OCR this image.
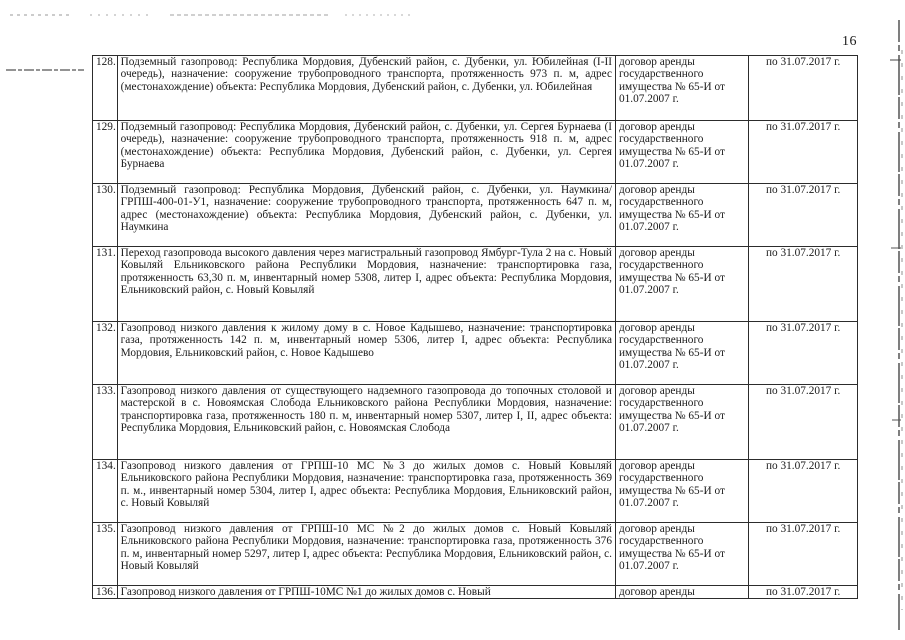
16
128.	Подземный газопровод: Республика Мордовия, Дубенский район, с. Дубенки, ул. Юбилейная (I-II очередь), назначение: сооружение трубопроводного транспорта, протяженность 973 п. м, адрес (местонахождение) объекта: Республика Мордовия, Дубенский район, с. Дубенки, ул. Юбилейная	договор аренды государственного имущества № 65-И от 01.07.2007 г.	по 31.07.2017 г.
129.	Подземный газопровод: Республика Мордовия, Дубенский район, с. Дубенки, ул. Сергея Бурнаева (I очередь), назначение: сооружение трубопроводного транспорта, протяженность 918 п. м, адрес (местонахождение) объекта: Республика Мордовия, Дубенский район, с. Дубенки, ул. Сергея Бурнаева	договор аренды государственного имущества № 65-И от 01.07.2007 г.	по 31.07.2017 г.
130.	Подземный газопровод: Республика Мордовия, Дубенский район, с. Дубенки, ул. Наумкина/ГРПШ-400-01-У1, назначение: сооружение трубопроводного транспорта, протяженность 647 п. м, адрес (местонахождение) объекта: Республика Мордовия, Дубенский район, с. Дубенки, ул. Наумкина	договор аренды государственного имущества № 65-И от 01.07.2007 г.	по 31.07.2017 г.
131.	Переход газопровода высокого давления через магистральный газопровод Ямбург-Тула 2 на с. Новый Ковыляй Ельниковского района Республики Мордовия, назначение: транспортировка газа, протяженность 63,30 п. м, инвентарный номер 5308, литер I, адрес объекта: Республика Мордовия, Ельниковский район, с. Новый Ковыляй	договор аренды государственного имущества № 65-И от 01.07.2007 г.	по 31.07.2017 г.
132.	Газопровод низкого давления к жилому дому в с. Новое Кадышево, назначение: транспортировка газа, протяженность 142 п. м, инвентарный номер 5306, литер I, адрес объекта: Республика Мордовия, Ельниковский район, с. Новое Кадышево	договор аренды государственного имущества № 65-И от 01.07.2007 г.	по 31.07.2017 г.
133.	Газопровод низкого давления от существующего надземного газопровода до топочных столовой и мастерской в с. Новоямская Слобода Ельниковского района Республики Мордовия, назначение: транспортировка газа, протяженность 180 п. м, инвентарный номер 5307, литер I, II, адрес объекта: Республика Мордовия, Ельниковский район, с. Новоямская Слобода	договор аренды государственного имущества № 65-И от 01.07.2007 г.	по 31.07.2017 г.
134.	Газопровод низкого давления от ГРПШ-10 МС №3 до жилых домов с. Новый Ковыляй Ельниковского района Республики Мордовия, назначение: транспортировка газа, протяженность 369 п. м., инвентарный номер 5304, литер I, адрес объекта: Республика Мордовия, Ельниковский район, с. Новый Ковыляй	договор аренды государственного имущества № 65-И от 01.07.2007 г.	по 31.07.2017 г.
135.	Газопровод низкого давления от ГРПШ-10 МС №2 до жилых домов с. Новый Ковыляй Ельниковского района Республики Мордовия, назначение: транспортировка газа, протяженность 376 п. м, инвентарный номер 5297, литер I, адрес объекта: Республика Мордовия, Ельниковский район, с. Новый Ковыляй	договор аренды государственного имущества № 65-И от 01.07.2007 г.	по 31.07.2017 г.
136.	Газопровод низкого давления от ГРПШ-10МС №1 до жилых домов с. Новый	договор аренды	по 31.07.2017 г.
